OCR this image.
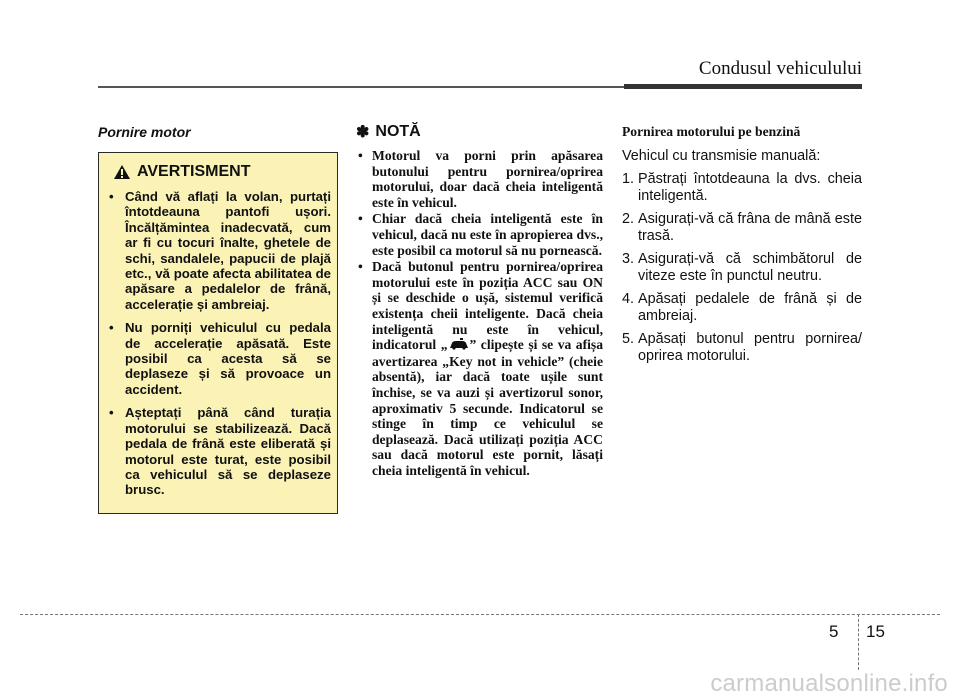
Condusul vehiculului
Pornire motor
AVERTISMENT
• Când vă aflați la volan, purtați întotdeauna pantofi ușori. Încălțămintea inadecvată, cum ar fi cu tocuri înalte, ghetele de schi, sandalele, papucii de plajă etc., vă poate afecta abilitatea de apăsare a pedalelor de frână, accelerație și ambreiaj.
• Nu porniți vehiculul cu pedala de accelerație apăsată. Este posibil ca acesta să se deplaseze și să provoace un accident.
• Așteptați până când turația motorului se stabilizează. Dacă pedala de frână este eliberată și motorul este turat, este posibil ca vehiculul să se deplaseze brusc.
✽ NOTĂ
• Motorul va porni prin apăsarea butonului pentru pornirea/oprirea motorului, doar dacă cheia inteligentă este în vehicul.
• Chiar dacă cheia inteligentă este în vehicul, dacă nu este în apropierea dvs., este posibil ca motorul să nu pornească.
• Dacă butonul pentru pornirea/oprirea motorului este în poziția ACC sau ON și se deschide o ușă, sistemul verifică existența cheii inteligente. Dacă cheia inteligentă nu este în vehicul, indicatorul „ ” clipește și se va afișa avertizarea „Key not in vehicle” (cheie absentă), iar dacă toate ușile sunt închise, se va auzi și avertizorul sonor, aproximativ 5 secunde. Indicatorul se stinge în timp ce vehiculul se deplasează. Dacă utilizați poziția ACC sau dacă motorul este pornit, lăsați cheia inteligentă în vehicul.
Pornirea motorului pe benzină
Vehicul cu transmisie manuală:
1. Păstrați întotdeauna la dvs. cheia inteligentă.
2. Asigurați-vă că frâna de mână este trasă.
3. Asigurați-vă că schimbătorul de viteze este în punctul neutru.
4. Apăsați pedalele de frână și de ambreiaj.
5. Apăsați butonul pentru pornirea/ oprirea motorului.
5 15
carmanualsonline.info
